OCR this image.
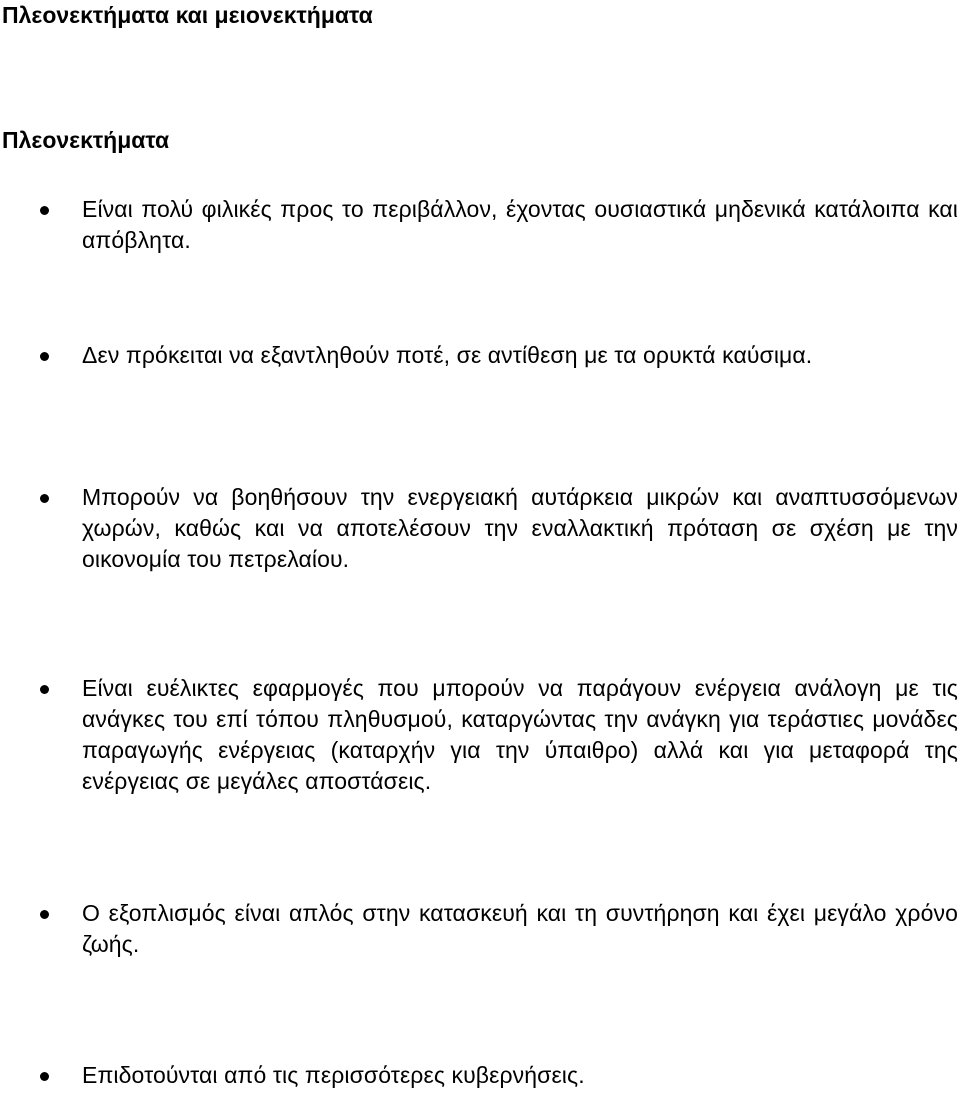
Πλεονεκτήματα και μειονεκτήματα
Πλεονεκτήματα

Είναι πολύ φιλικές προς το περιβάλλον, έχοντας ουσιαστικά μηδενικά κατάλοιπα και απόβλητα.

Δεν πρόκειται να εξαντληθούν ποτέ, σε αντίθεση με τα ορυκτά καύσιμα.

Μπορούν να βοηθήσουν την ενεργειακή αυτάρκεια μικρών και αναπτυσσόμενων χωρών, καθώς και να αποτελέσουν την εναλλακτική πρόταση σε σχέση με την οικονομία του πετρελαίου.

Είναι ευέλικτες εφαρμογές που μπορούν να παράγουν ενέργεια ανάλογη με τις ανάγκες του επί τόπου πληθυσμού, καταργώντας την ανάγκη για τεράστιες μονάδες παραγωγής ενέργειας (καταρχήν για την ύπαιθρο) αλλά και για μεταφορά της ενέργειας σε μεγάλες αποστάσεις.

Ο εξοπλισμός είναι απλός στην κατασκευή και τη συντήρηση και έχει μεγάλο χρόνο ζωής.

Επιδοτούνται από τις περισσότερες κυβερνήσεις.
